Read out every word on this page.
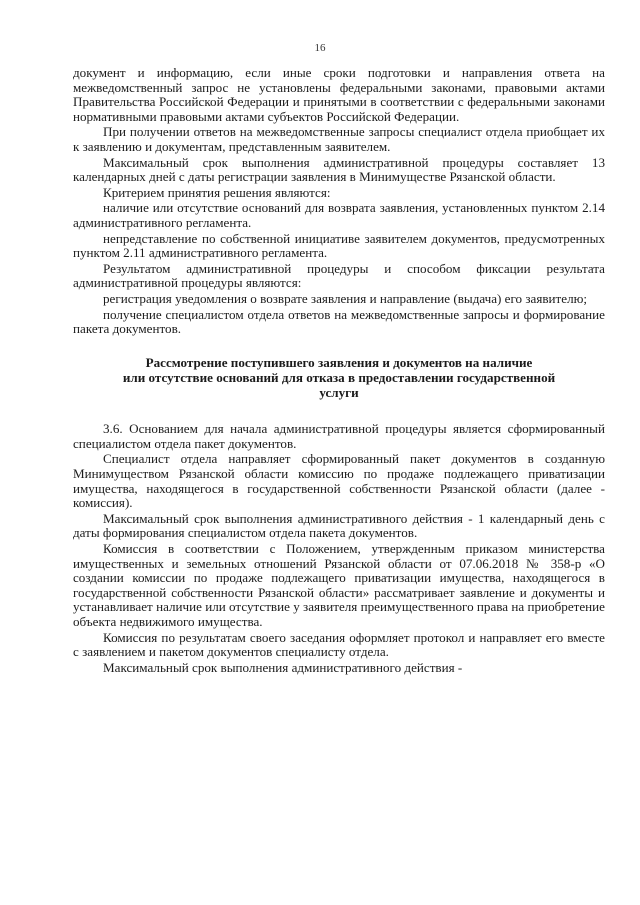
16

документ и информацию, если иные сроки подготовки и направления ответа на межведомственный запрос не установлены федеральными законами, правовыми актами Правительства Российской Федерации и принятыми в соответствии с федеральными законами нормативными правовыми актами субъектов Российской Федерации.

При получении ответов на межведомственные запросы специалист отдела приобщает их к заявлению и документам, представленным заявителем.

Максимальный срок выполнения административной процедуры составляет 13 календарных дней с даты регистрации заявления в Минимуществе Рязанской области.

Критерием принятия решения являются:

наличие или отсутствие оснований для возврата заявления, установленных пунктом 2.14 административного регламента.

непредставление по собственной инициативе заявителем документов, предусмотренных пунктом 2.11 административного регламента.

Результатом административной процедуры и способом фиксации результата административной процедуры являются:

регистрация уведомления о возврате заявления и направление (выдача) его заявителю;

получение специалистом отдела ответов на межведомственные запросы и формирование пакета документов.

Рассмотрение поступившего заявления и документов на наличие
или отсутствие оснований для отказа в предоставлении государственной
услуги

3.6. Основанием для начала административной процедуры является сформированный специалистом отдела пакет документов.

Специалист отдела направляет сформированный пакет документов в созданную Минимуществом Рязанской области комиссию по продаже подлежащего приватизации имущества, находящегося в государственной собственности Рязанской области (далее - комиссия).

Максимальный срок выполнения административного действия - 1 календарный день с даты формирования специалистом отдела пакета документов.

Комиссия в соответствии с Положением, утвержденным приказом министерства имущественных и земельных отношений Рязанской области от 07.06.2018 № 358-р «О создании комиссии по продаже подлежащего приватизации имущества, находящегося в государственной собственности Рязанской области» рассматривает заявление и документы и устанавливает наличие или отсутствие у заявителя преимущественного права на приобретение объекта недвижимого имущества.

Комиссия по результатам своего заседания оформляет протокол и направляет его вместе с заявлением и пакетом документов специалисту отдела.

Максимальный срок выполнения административного действия -
